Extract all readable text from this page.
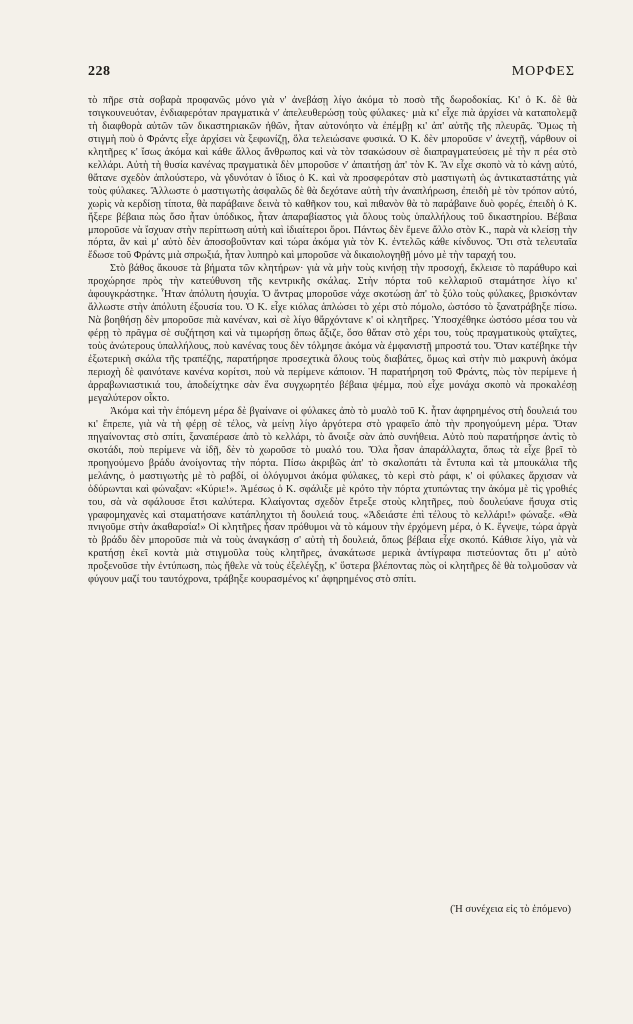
228	ΜΟΡΦΕΣ

τὸ πῆρε στὰ σοβαρὰ προφανῶς μόνο γιὰ ν' ἀνεβάσῃ λίγο ἀκόμα τὸ ποσὸ τῆς δωροδοκίας. Κι' ὁ Κ. δὲ θὰ τσιγκουνευόταν, ἐνδιαφερόταν πραγματικὰ ν' ἀπελευθερώσῃ τοὺς φύλακες· μιὰ κι' εἶχε πιὰ ἀρχίσει νὰ καταπολεμᾷ τὴ διαφθορὰ αὐτῶν τῶν δικαστηριακῶν ἠθῶν, ἦταν αὐτονόητο νὰ ἐπέμβῃ κι' ἀπ' αὐτῆς τῆς πλευρᾶς. Ὅμως τὴ στιγμὴ ποὺ ὁ Φράντς εἶχε ἀρχίσει νὰ ξεφωνίζῃ, ὅλα τελειώσανε φυσικά. Ὁ Κ. δὲν μποροῦσε ν' ἀνεχτῇ, νάρθουν οἱ κλητῆρες κ' ἴσως ἀκόμα καὶ κάθε ἄλλος ἄνθρωπος καὶ νὰ τὸν τσακώσουν σὲ διαπραγματεύσεις μὲ τὴν π ρέα στὸ κελλάρι. Αὐτὴ τὴ θυσία κανένας πραγματικὰ δὲν μποροῦσε ν' ἀπαιτήσῃ ἀπ' τὸν Κ. Ἂν εἶχε σκοπὸ νὰ τὸ κάνῃ αὐτό, θἄτανε σχεδὸν ἁπλούστερο, νὰ γδυνόταν ὁ ἴδιος ὁ Κ. καὶ νὰ προσφερόταν στὸ μαστιγωτὴ ὡς ἀντικαταστάτης γιὰ τοὺς φύλακες. Ἄλλωστε ὁ μαστιγωτὴς ἀσφαλῶς δὲ θὰ δεχότανε αὐτὴ τὴν ἀναπλήρωση, ἐπειδὴ μὲ τὸν τρόπον αὐτό, χωρὶς νὰ κερδίσῃ τίποτα, θὰ παράβαινε δεινὰ τὸ καθῆκον του, καὶ πιθανὸν θὰ τὸ παράβαινε δυὸ φορές, ἐπειδὴ ὁ Κ. ἤξερε βέβαια πὼς ὅσο ἦταν ὑπόδικος, ἦταν ἀπαραβίαστος γιὰ ὅλους τοὺς ὑπαλλήλους τοῦ δικαστηρίου. Βέβαια μποροῦσε νὰ ἴσχυαν στὴν περίπτωση αὐτὴ καὶ ἰδιαίτεροι ὅροι. Πάντως δὲν ἔμενε ἄλλο στὸν Κ., παρὰ νὰ κλείσῃ τὴν πόρτα, ἂν καὶ μ' αὐτὸ δὲν ἀποσοβοῦνταν καὶ τώρα ἀκόμα γιὰ τὸν Κ. ἐντελῶς κάθε κίνδυνος. Ὅτι στὰ τελευταῖα ἔδωσε τοῦ Φράντς μιὰ σπρωξιά, ἦταν λυπηρὸ καὶ μποροῦσε νὰ δικαιολογηθῇ μόνο μὲ τὴν ταραχή του.

Στὸ βάθος ἄκουσε τὰ βήματα τῶν κλητήρων· γιὰ νὰ μὴν τοὺς κινήσῃ τὴν προσοχή, ἔκλεισε τὸ παράθυρο καὶ προχώρησε πρὸς τὴν κατεύθυνση τῆς κεντρικῆς σκάλας. Στὴν πόρτα τοῦ κελλαριοῦ σταμάτησε λίγο κι' ἀφουγκράστηκε. Ἦταν ἀπόλυτη ἡσυχία. Ὁ ἄντρας μποροῦσε νάχε σκοτώσῃ ἀπ' τὸ ξύλο τοὺς φύλακες, βρισκόνταν ἄλλωστε στὴν ἀπόλυτη ἐξουσία του. Ὁ Κ. εἶχε κιόλας ἁπλώσει τὸ χέρι στὸ πόμολο, ὡστόσο τὸ ξανατράβηξε πίσω. Νὰ βοηθήσῃ δὲν μποροῦσε πιὰ κανέναν, καὶ σὲ λίγο θἄρχόντανε κ' οἱ κλητῆρες. Ὑποσχέθηκε ὡστόσο μέσα του νὰ φέρῃ τὸ πρᾶγμα σὲ συζήτηση καὶ νὰ τιμωρήσῃ ὅπως ἄξιζε, ὅσο θἄταν στὸ χέρι του, τοὺς πραγματικοὺς φταῖχτες, τοὺς ἀνώτερους ὑπαλλήλους, ποὺ κανένας τους δὲν τόλμησε ἀκόμα νὰ ἐμφανιστῇ μπροστά του. Ὅταν κατέβηκε τὴν ἐξωτερικὴ σκάλα τῆς τραπέζης, παρατήρησε προσεχτικὰ ὅλους τοὺς διαβάτες, ὅμως καὶ στὴν πιὸ μακρυνὴ ἀκόμα περιοχὴ δὲ φαινότανε κανένα κορίτσι, ποὺ νὰ περίμενε κάποιον. Ἡ παρατήρηση τοῦ Φράντς, πὼς τὸν περίμενε ἡ ἀρραβωνιαστικιά του, ἀποδείχτηκε σὰν ἕνα συγχωρητέο βέβαια ψέμμα, ποὺ εἶχε μονάχα σκοπὸ νὰ προκαλέσῃ μεγαλύτερον οἶκτο.

Ἀκόμα καὶ τὴν ἑπόμενη μέρα δὲ βγαίνανε οἱ φύλακες ἀπὸ τὸ μυαλὸ τοῦ Κ. ἦταν ἀφηρημένος στὴ δουλειά του κι' ἔπρεπε, γιὰ νὰ τὴ φέρῃ σὲ τέλος, νὰ μείνῃ λίγο ἀργότερα στὸ γραφεῖο ἀπὸ τὴν προηγούμενη μέρα. Ὅταν πηγαίνοντας στὸ σπίτι, ξαναπέρασε ἀπὸ τὸ κελλάρι, τὸ ἄνοιξε σὰν ἀπὸ συνήθεια. Αὐτὸ ποὺ παρατήρησε ἀντὶς τὸ σκοτάδι, ποὺ περίμενε νὰ ἰδῇ, δὲν τὸ χωροῦσε τὸ μυαλό του. Ὅλα ἦσαν ἀπαράλλαχτα, ὅπως τὰ εἶχε βρεῖ τὸ προηγούμενο βράδυ ἀνοίγοντας τὴν πόρτα. Πίσω ἀκριβῶς ἀπ' τὸ σκαλοπάτι τὰ ἔντυπα καὶ τὰ μπουκάλια τῆς μελάνης, ὁ μαστιγωτὴς μὲ τὸ ραβδί, οἱ ὁλόγυμνοι ἀκόμα φύλακες, τὸ κερὶ στὸ ράφι, κ' οἱ φύλακες ἄρχισαν νὰ ὀδύρωνται καὶ φώναξαν: «Κύριε!». Ἀμέσως ὁ Κ. σφάλιξε μὲ κρότο τὴν πόρτα χτυπώντας την ἀκόμα μὲ τὶς γροθιές του, σὰ νὰ σφάλουσε ἔτσι καλύτερα. Κλαίγοντας σχεδὸν ἔτρεξε στοὺς κλητῆρες, ποὺ δουλεύανε ἤσυχα στὶς γραφομηχανὲς καὶ σταματήσανε κατάπληχτοι τὴ δουλειά τους. «Ἀδειάστε ἐπὶ τέλους τὸ κελλάρι!» φώναξε. «Θὰ πνιγοῦμε στὴν ἀκαθαρσία!» Οἱ κλητῆρες ἦσαν πρόθυμοι νὰ τὸ κάμουν τὴν ἐρχόμενη μέρα, ὁ Κ. ἔγνεψε, τώρα ἀργὰ τὸ βράδυ δὲν μποροῦσε πιὰ νὰ τοὺς ἀναγκάσῃ σ' αὐτὴ τὴ δουλειά, ὅπως βέβαια εἶχε σκοπό. Κάθισε λίγο, γιὰ νὰ κρατήσῃ ἐκεῖ κοντὰ μιὰ στιγμοῦλα τοὺς κλητῆρες, ἀνακάτωσε μερικὰ ἀντίγραφα πιστεύοντας ὅτι μ' αὐτὸ προξενοῦσε τὴν ἐντύπωση, πὼς ἤθελε νὰ τοὺς ἐξελέγξῃ, κ' ὕστερα βλέποντας πὼς οἱ κλητῆρες δὲ θὰ τολμοῦσαν νὰ φύγουν μαζί του ταυτόχρονα, τράβηξε κουρασμένος κι' ἀφηρημένος στὸ σπίτι.

(Ἡ συνέχεια εἰς τὸ ἑπόμενο)
